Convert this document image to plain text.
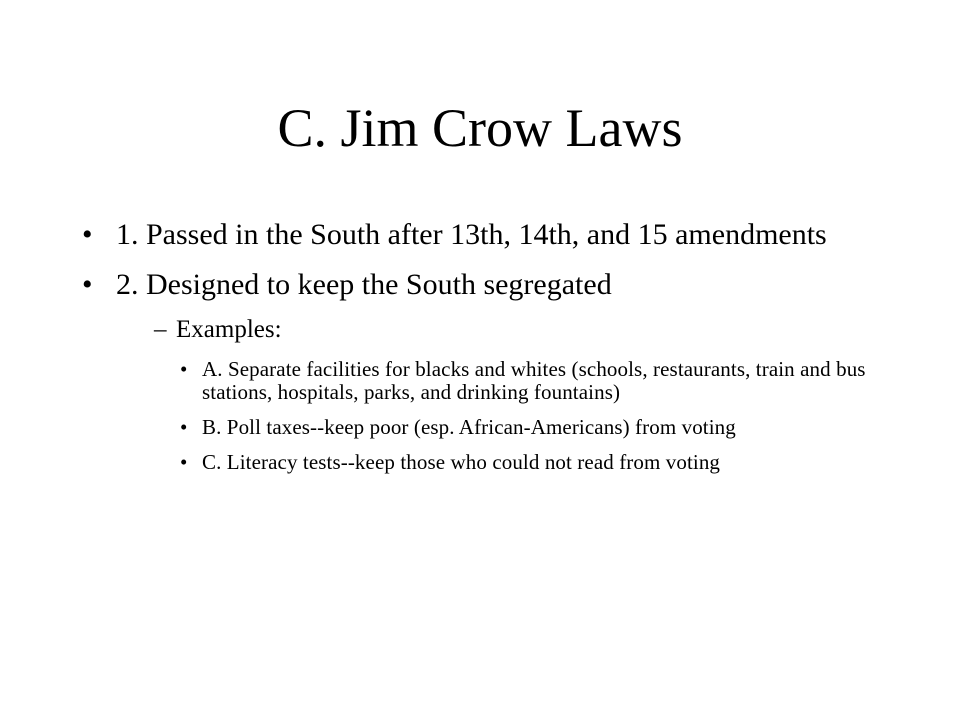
C. Jim Crow Laws
• 1. Passed in the South after 13th, 14th, and 15 amendments
• 2. Designed to keep the South segregated
– Examples:
• A. Separate facilities for blacks and whites (schools, restaurants, train and bus stations, hospitals, parks, and drinking fountains)
• B. Poll taxes--keep poor (esp. African-Americans) from voting
• C. Literacy tests--keep those who could not read from voting
